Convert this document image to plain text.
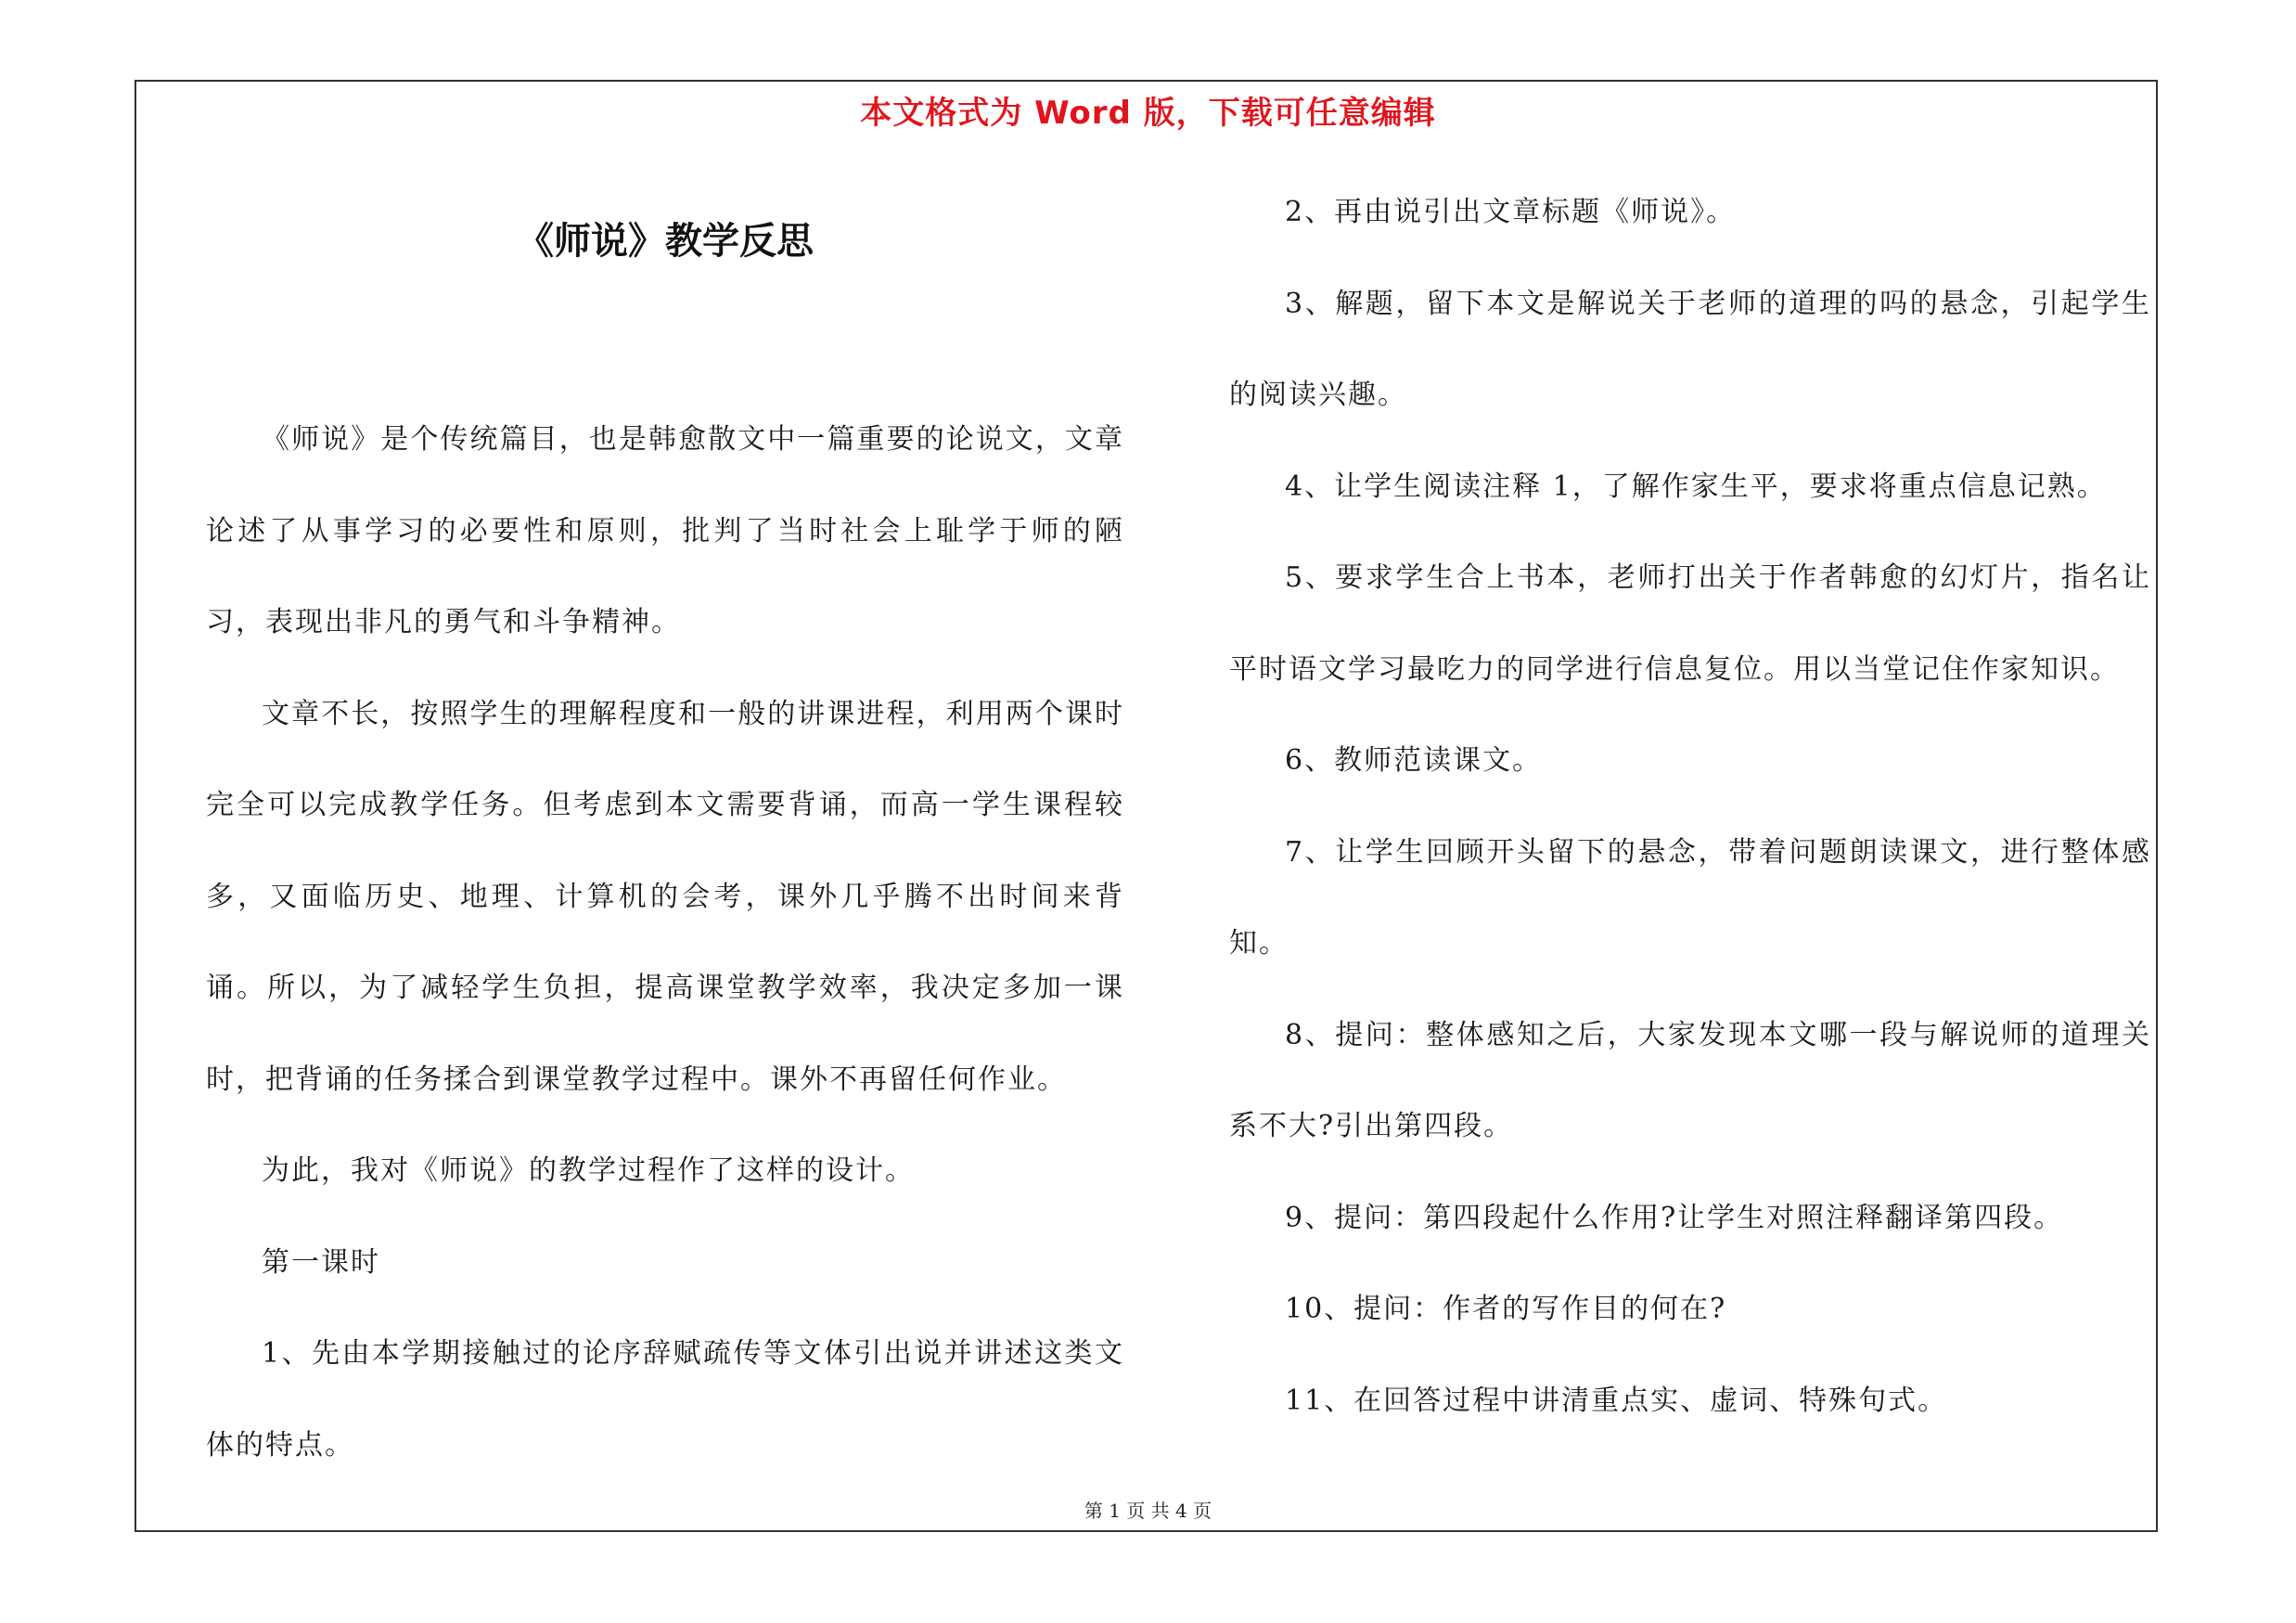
本文格式为 Word 版，下载可任意编辑
《师说》教学反思

《师说》是个传统篇目，也是韩愈散文中一篇重要的论说文，文章论述了从事学习的必要性和原则，批判了当时社会上耻学于师的陋习，表现出非凡的勇气和斗争精神。

文章不长，按照学生的理解程度和一般的讲课进程，利用两个课时完全可以完成教学任务。但考虑到本文需要背诵，而高一学生课程较多，又面临历史、地理、计算机的会考，课外几乎腾不出时间来背诵。所以，为了减轻学生负担，提高课堂教学效率，我决定多加一课时，把背诵的任务揉合到课堂教学过程中。课外不再留任何作业。

为此，我对《师说》的教学过程作了这样的设计。

第一课时

1、先由本学期接触过的论序辞赋疏传等文体引出说并讲述这类文体的特点。

2、再由说引出文章标题《师说》。

3、解题，留下本文是解说关于老师的道理的吗的悬念，引起学生的阅读兴趣。

4、让学生阅读注释 1，了解作家生平，要求将重点信息记熟。

5、要求学生合上书本，老师打出关于作者韩愈的幻灯片，指名让平时语文学习最吃力的同学进行信息复位。用以当堂记住作家知识。

6、教师范读课文。

7、让学生回顾开头留下的悬念，带着问题朗读课文，进行整体感知。

8、提问：整体感知之后，大家发现本文哪一段与解说师的道理关系不大?引出第四段。

9、提问：第四段起什么作用?让学生对照注释翻译第四段。

10、提问：作者的写作目的何在?

11、在回答过程中讲清重点实、虚词、特殊句式。

第 1 页 共 4 页
